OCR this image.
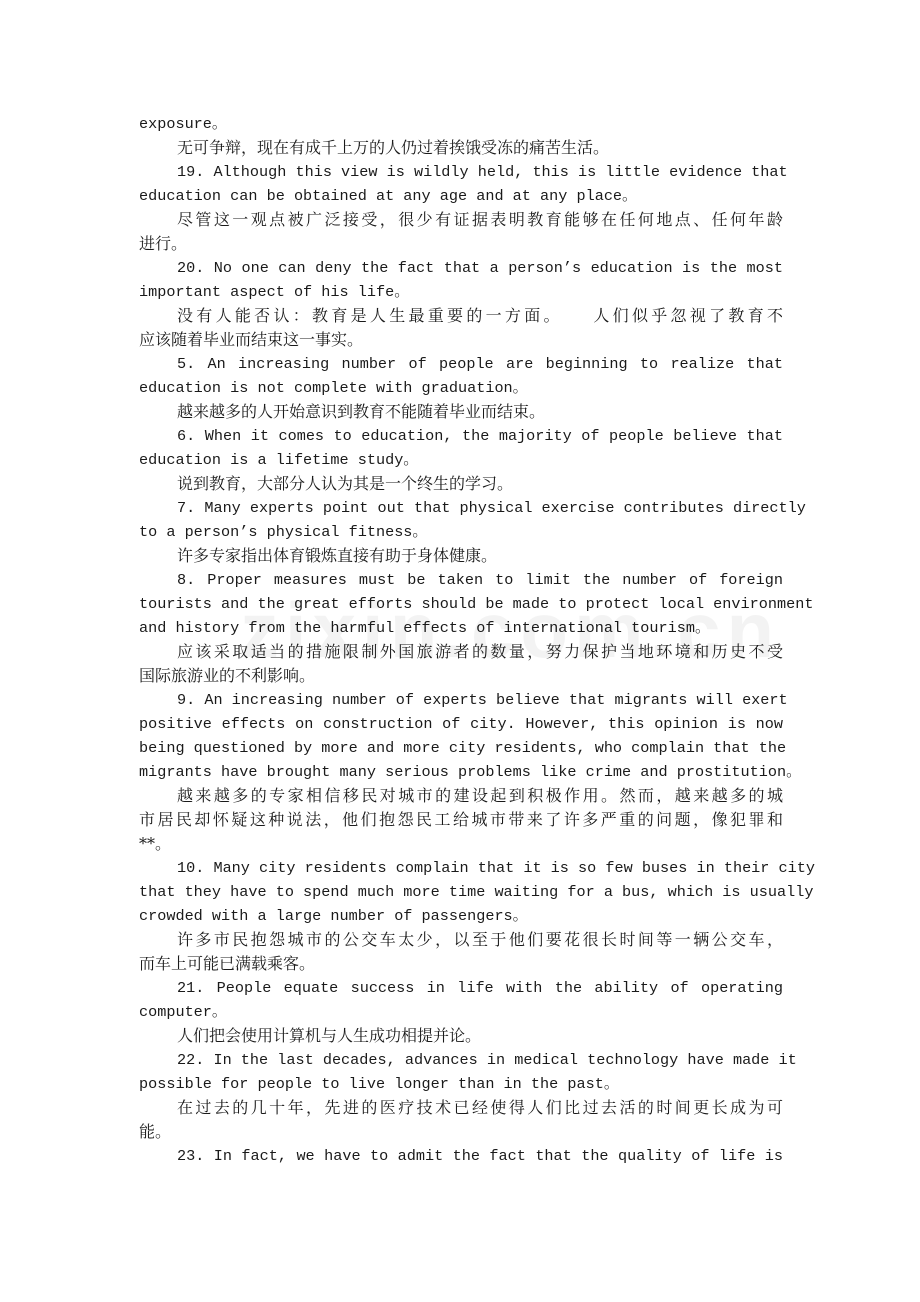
exposure。
无可争辩，现在有成千上万的人仍过着挨饿受冻的痛苦生活。
19. Although this view is wildly held, this is little evidence that
education can be obtained at any age and at any place。
尽管这一观点被广泛接受，很少有证据表明教育能够在任何地点、任何年龄
进行。
20. No one can deny the fact that a person’s education is the most
important aspect of his life。
没有人能否认：教育是人生最重要的一方面。　　人们似乎忽视了教育不
应该随着毕业而结束这一事实。
5. An increasing number of people are beginning to realize that
education is not complete with graduation。
越来越多的人开始意识到教育不能随着毕业而结束。
6. When it comes to education, the majority of people believe that
education is a lifetime study。
说到教育，大部分人认为其是一个终生的学习。
7. Many experts point out that physical exercise contributes directly
to a person’s physical fitness。
许多专家指出体育锻炼直接有助于身体健康。
8. Proper measures must be taken to limit the number of foreign
tourists and the great efforts should be made to protect local environment
and history from the harmful effects of international tourism。
应该采取适当的措施限制外国旅游者的数量，努力保护当地环境和历史不受
国际旅游业的不利影响。
9. An increasing number of experts believe that migrants will exert
positive effects on construction of city. However, this opinion is now
being questioned by more and more city residents, who complain that the
migrants have brought many serious problems like crime and prostitution。
越来越多的专家相信移民对城市的建设起到积极作用。然而，越来越多的城
市居民却怀疑这种说法，他们抱怨民工给城市带来了许多严重的问题，像犯罪和
**。
10. Many city residents complain that it is so few buses in their city
that they have to spend much more time waiting for a bus, which is usually
crowded with a large number of passengers。
许多市民抱怨城市的公交车太少，以至于他们要花很长时间等一辆公交车，
而车上可能已满载乘客。
21. People equate success in life with the ability of operating
computer。
人们把会使用计算机与人生成功相提并论。
22. In the last decades, advances in medical technology have made it
possible for people to live longer than in the past。
在过去的几十年，先进的医疗技术已经使得人们比过去活的时间更长成为可
能。
23. In fact, we have to admit the fact that the quality of life is
